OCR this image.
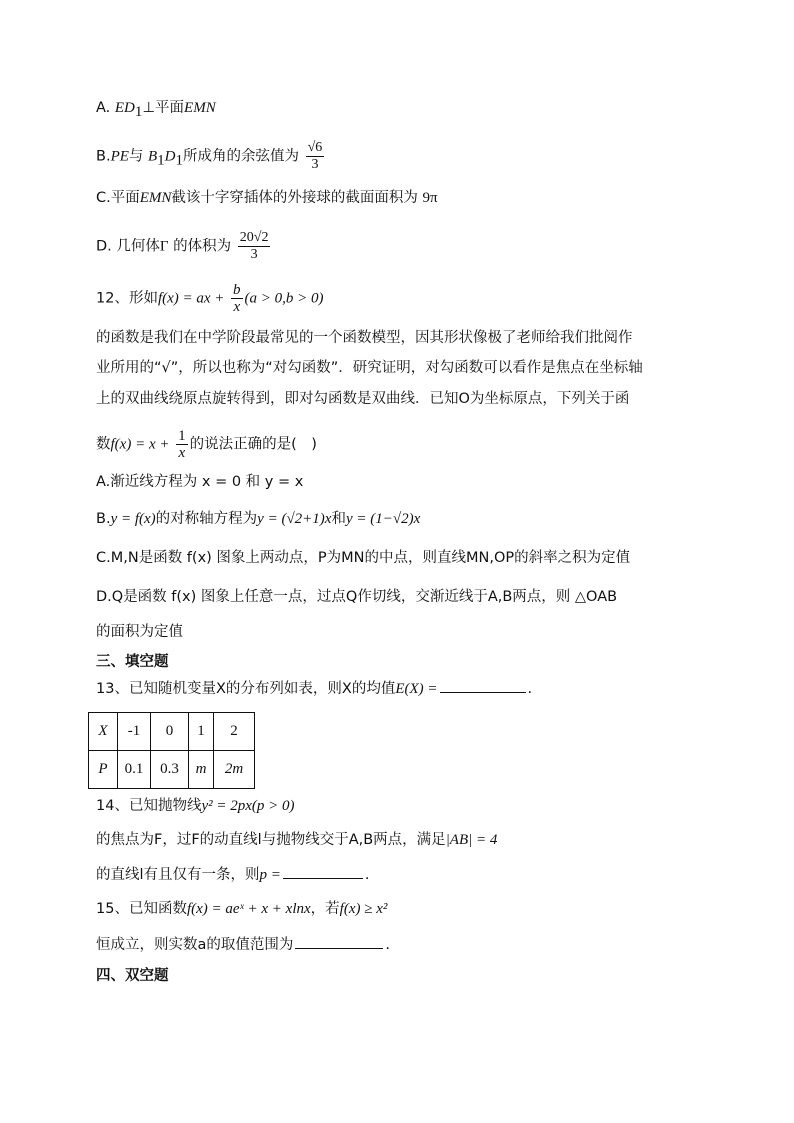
A. $ED_1\perp$平面EMN
B.PE与 $B_1D_1$所成角的余弦值为 $\frac{√6}{3}$
C.平面EMN截该十字穿插体的外接球的截面面积为 9π
D. 几何体Γ 的体积为 $\frac{20√2}{3}$
12、形如f(x) = ax + $\frac{b}{x} (a > 0,b > 0)$
的函数是我们在中学阶段最常见的一个函数模型，因其形状像极了老师给我们批阅作
业所用的“√”，所以也称为“对勾函数”．研究证明，对勾函数可以看作是焦点在坐标轴
上的双曲线绕原点旋转得到，即对勾函数是双曲线．已知O为坐标原点，下列关于函
数$f(x) = x + \frac{1}{x}$ 的说法正确的是(　)
A.渐近线方程为 x = 0 和 y = x
B.y = f(x)的对称轴方程为y = (√2+1)x和y = (1−√2)x
C.M,N是函数 f(x) 图象上两动点，P为MN的中点，则直线MN,OP的斜率之积为定值
D.Q是函数 f(x) 图象上任意一点，过点Q作切线，交渐近线于A,B两点，则 △OAB
的面积为定值
三、填空题
13、已知随机变量X的分布列如表，则X的均值E(X) =	.
X	-1	0	1	2
P	0.1	0.3	m	2m
14、已知抛物线y² = 2px(p > 0)
的焦点为F，过F的动直线l与抛物线交于A,B两点，满足|AB| = 4
的直线l有且仅有一条，则p =	.
15、已知函数f(x) = aeˣ + x + xlnx，若f(x) ≥ x²
恒成立，则实数a的取值范围为	.
四、双空题
